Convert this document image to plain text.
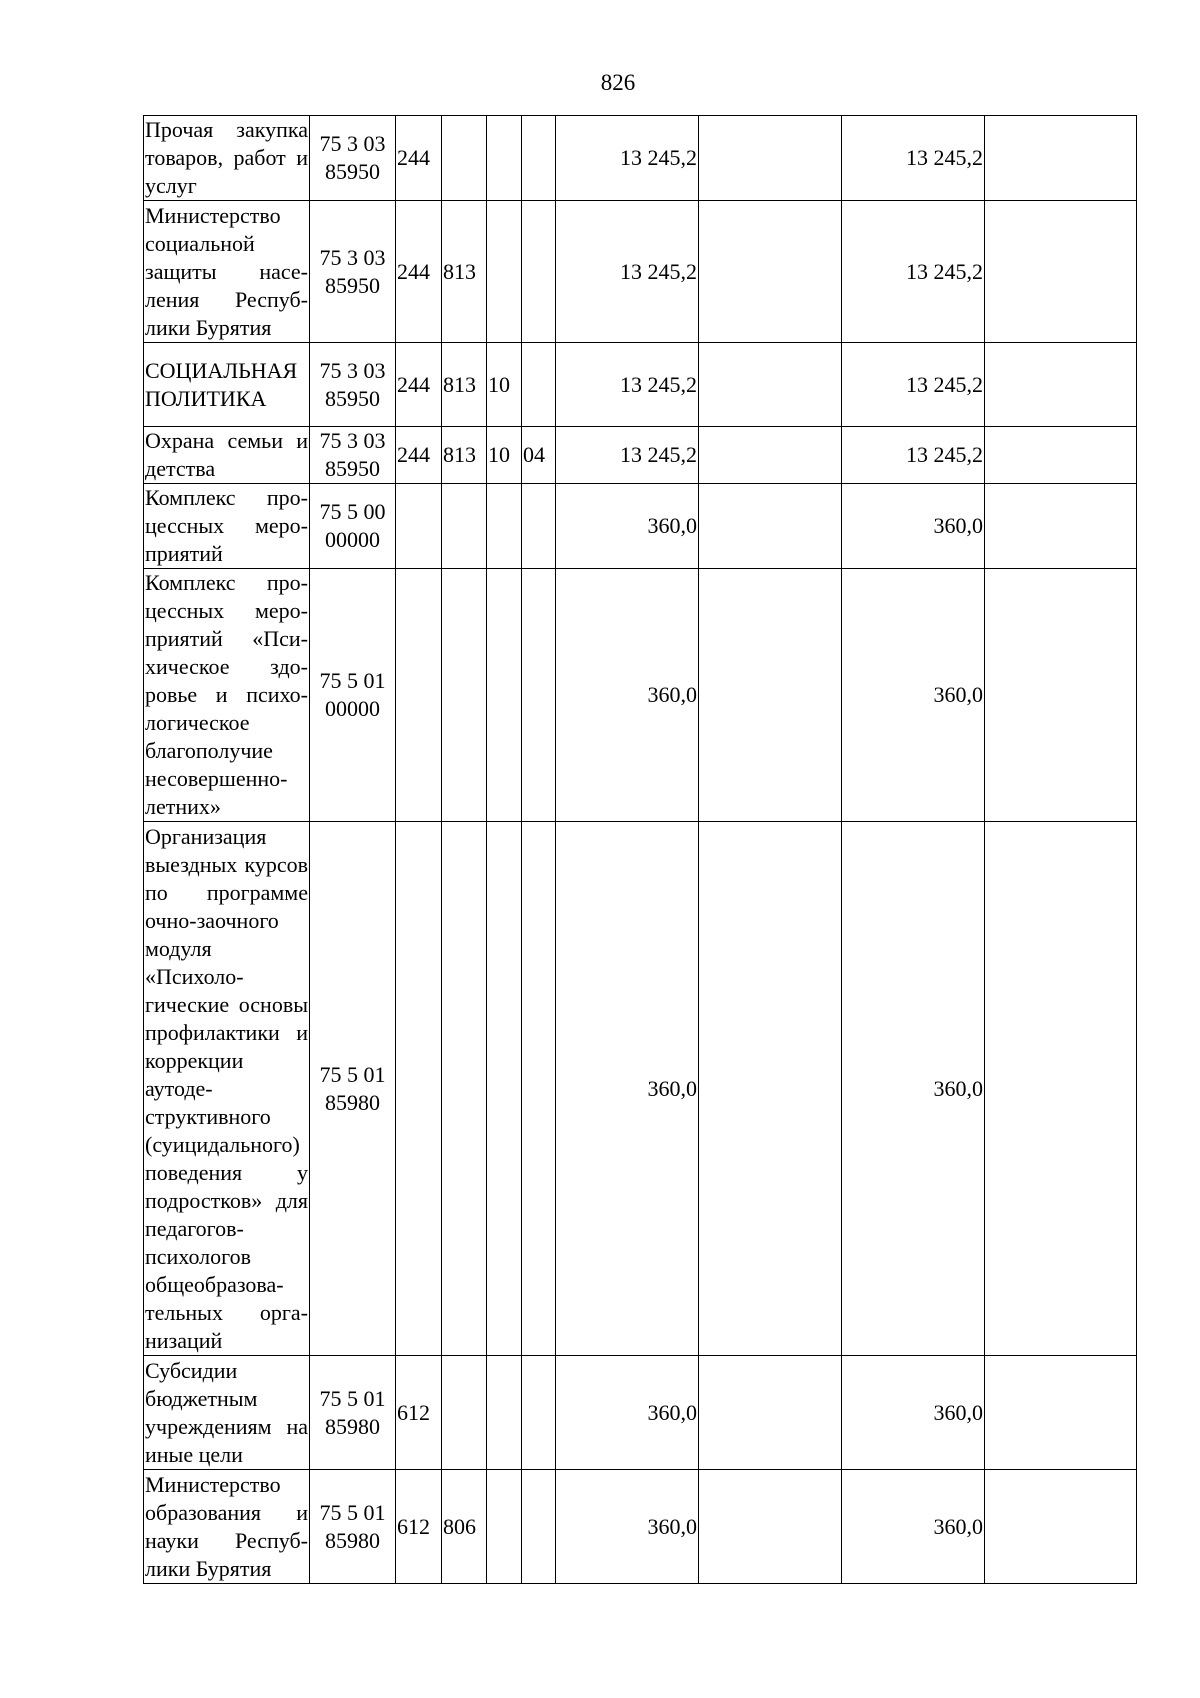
826
Прочая закупка товаров, работ и услуг	75 3 03 85950	244				13 245,2		13 245,2	
Министерство социальной защиты населения Республики Бурятия	75 3 03 85950	244	813			13 245,2		13 245,2	
СОЦИАЛЬНАЯ ПОЛИТИКА	75 3 03 85950	244	813	10		13 245,2		13 245,2	
Охрана семьи и детства	75 3 03 85950	244	813	10	04	13 245,2		13 245,2	
Комплекс процессных мероприятий	75 5 00 00000					360,0		360,0	
Комплекс процессных мероприятий «Психическое здоровье и психологическое благополучие несовершеннолетних»	75 5 01 00000					360,0		360,0	
Организация выездных курсов по программе очно-заочного модуля «Психологические основы профилактики и коррекции аутодеструктивного (суицидального) поведения у подростков» для педагогов-психологов общеобразовательных организаций	75 5 01 85980					360,0		360,0	
Субсидии бюджетным учреждениям на иные цели	75 5 01 85980	612				360,0		360,0	
Министерство образования и науки Республики Бурятия	75 5 01 85980	612	806			360,0		360,0	
